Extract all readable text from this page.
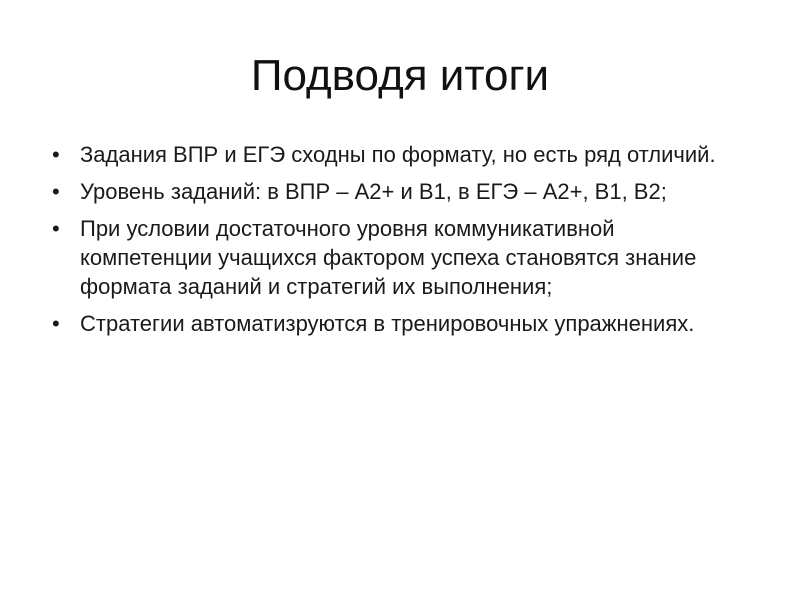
Подводя итоги
• Задания ВПР и ЕГЭ сходны по формату, но есть ряд отличий.
• Уровень заданий: в ВПР – А2+ и В1, в ЕГЭ – А2+, В1, В2;
• При условии достаточного уровня коммуникативной компетенции учащихся фактором успеха становятся знание формата заданий и стратегий их выполнения;
• Стратегии автоматизруются в тренировочных упражнениях.
